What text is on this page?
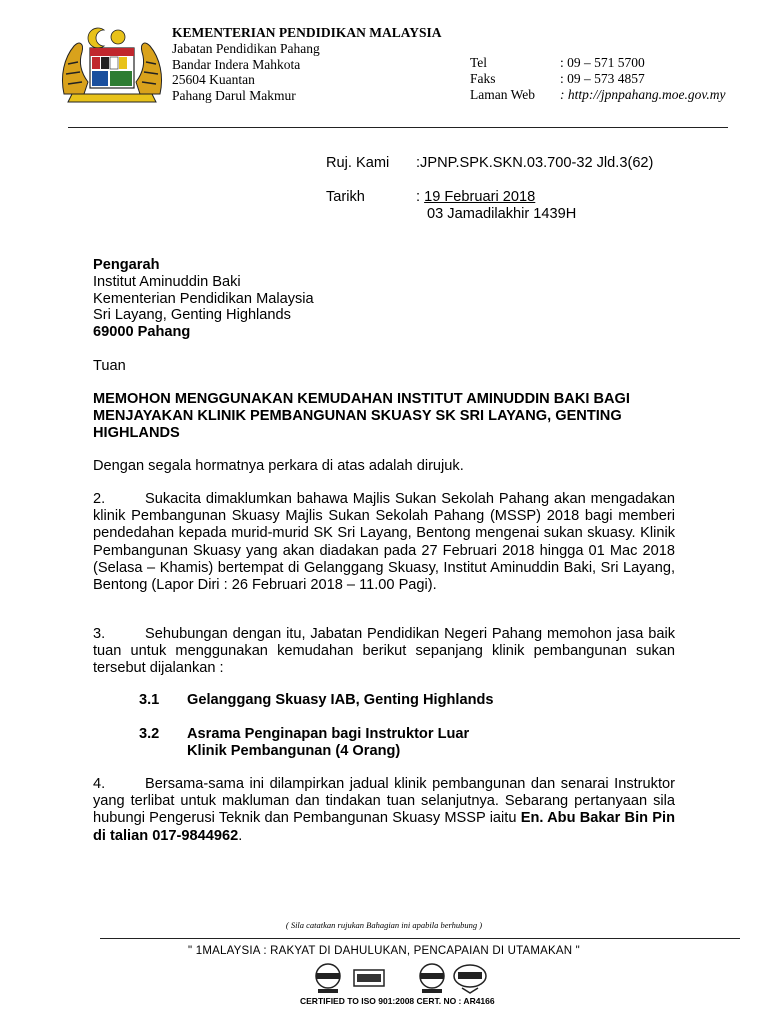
KEMENTERIAN PENDIDIKAN MALAYSIA
Jabatan Pendidikan Pahang
Bandar Indera Mahkota
25604 Kuantan
Pahang Darul Makmur
Tel	: 09 – 571 5700
Faks	: 09 – 573 4857
Laman Web : http://jpnpahang.moe.gov.my
Ruj. Kami :JPNP.SPK.SKN.03.700-32 Jld.3(62)
Tarikh	: 19 Februari 2018
03 Jamadilakhir 1439H
Pengarah
Institut Aminuddin Baki
Kementerian Pendidikan Malaysia
Sri Layang, Genting Highlands
69000 Pahang
Tuan
MEMOHON MENGGUNAKAN KEMUDAHAN INSTITUT AMINUDDIN BAKI BAGI
MENJAYAKAN KLINIK PEMBANGUNAN SKUASY SK SRI LAYANG, GENTING
HIGHLANDS
Dengan segala hormatnya perkara di atas adalah dirujuk.
2.	Sukacita dimaklumkan bahawa Majlis Sukan Sekolah Pahang akan mengadakan klinik Pembangunan Skuasy Majlis Sukan Sekolah Pahang (MSSP) 2018 bagi memberi pendedahan kepada murid-murid SK Sri Layang, Bentong mengenai sukan skuasy. Klinik Pembangunan Skuasy yang akan diadakan pada 27 Februari 2018 hingga 01 Mac 2018 (Selasa – Khamis) bertempat di Gelanggang Skuasy, Institut Aminuddin Baki, Sri Layang, Bentong (Lapor Diri : 26 Februari 2018 – 11.00 Pagi).
3.	Sehubungan dengan itu, Jabatan Pendidikan Negeri Pahang memohon jasa baik tuan untuk menggunakan kemudahan berikut sepanjang klinik pembangunan sukan tersebut dijalankan :
3.1 Gelanggang Skuasy IAB, Genting Highlands
3.2 Asrama Penginapan bagi Instruktor Luar
Klinik Pembangunan (4 Orang)
4.	Bersama-sama ini dilampirkan jadual klinik pembangunan dan senarai Instruktor yang terlibat untuk makluman dan tindakan tuan selanjutnya. Sebarang pertanyaan sila hubungi Pengerusi Teknik dan Pembangunan Skuasy MSSP iaitu En. Abu Bakar Bin Pin di talian 017-9844962.
( Sila catatkan rujukan Bahagian ini apabila berhubung )
" 1MALAYSIA : RAKYAT DI DAHULUKAN, PENCAPAIAN DI UTAMAKAN "
CERTIFIED TO ISO 901:2008 CERT. NO : AR4166
